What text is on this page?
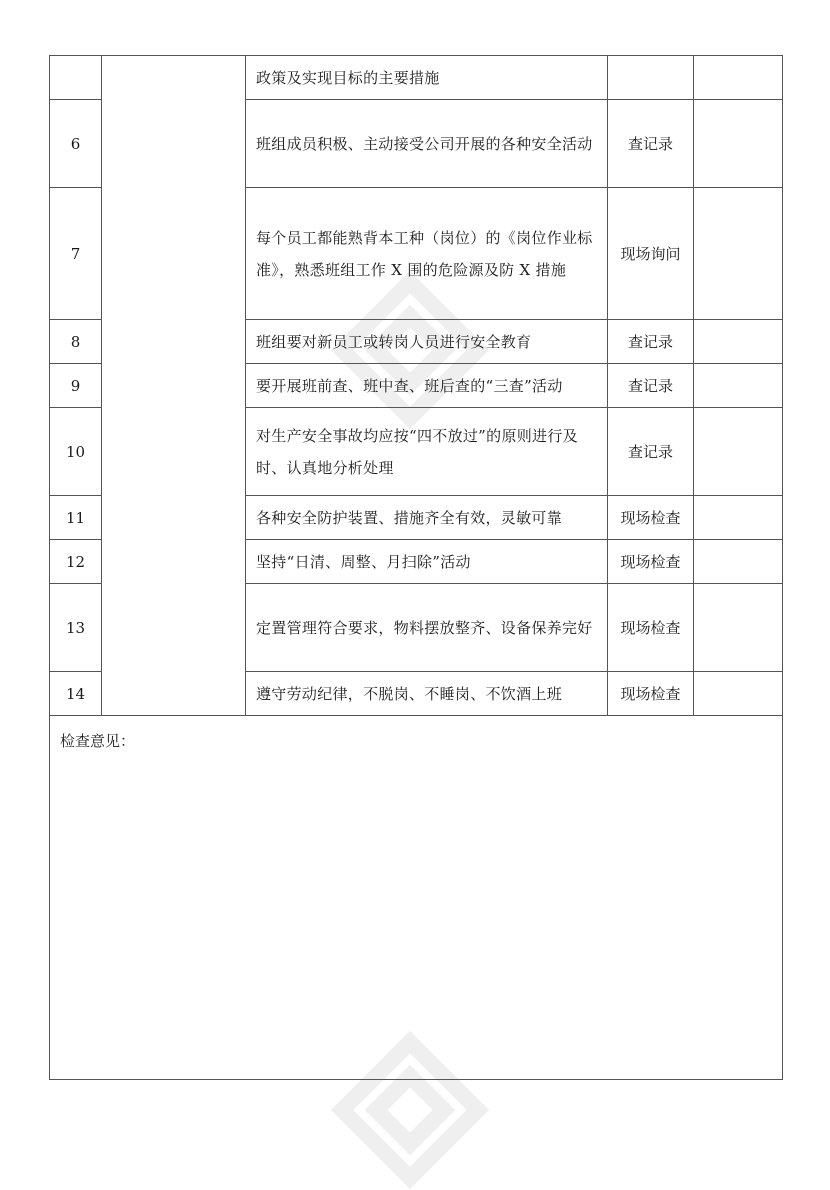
		政策及实现目标的主要措施		
6		班组成员积极、主动接受公司开展的各种安全活动	查记录	
7		每个员工都能熟背本工种（岗位）的《岗位作业标准》，熟悉班组工作 X 围的危险源及防 X 措施	现场询问	
8		班组要对新员工或转岗人员进行安全教育	查记录	
9		要开展班前查、班中查、班后查的“三查”活动	查记录	
10		对生产安全事故均应按“四不放过”的原则进行及时、认真地分析处理	查记录	
11		各种安全防护装置、措施齐全有效，灵敏可靠	现场检查	
12		坚持“日清、周整、月扫除”活动	现场检查	
13		定置管理符合要求，物料摆放整齐、设备保养完好	现场检查	
14		遵守劳动纪律，不脱岗、不睡岗、不饮酒上班	现场检查	
检查意见：				
